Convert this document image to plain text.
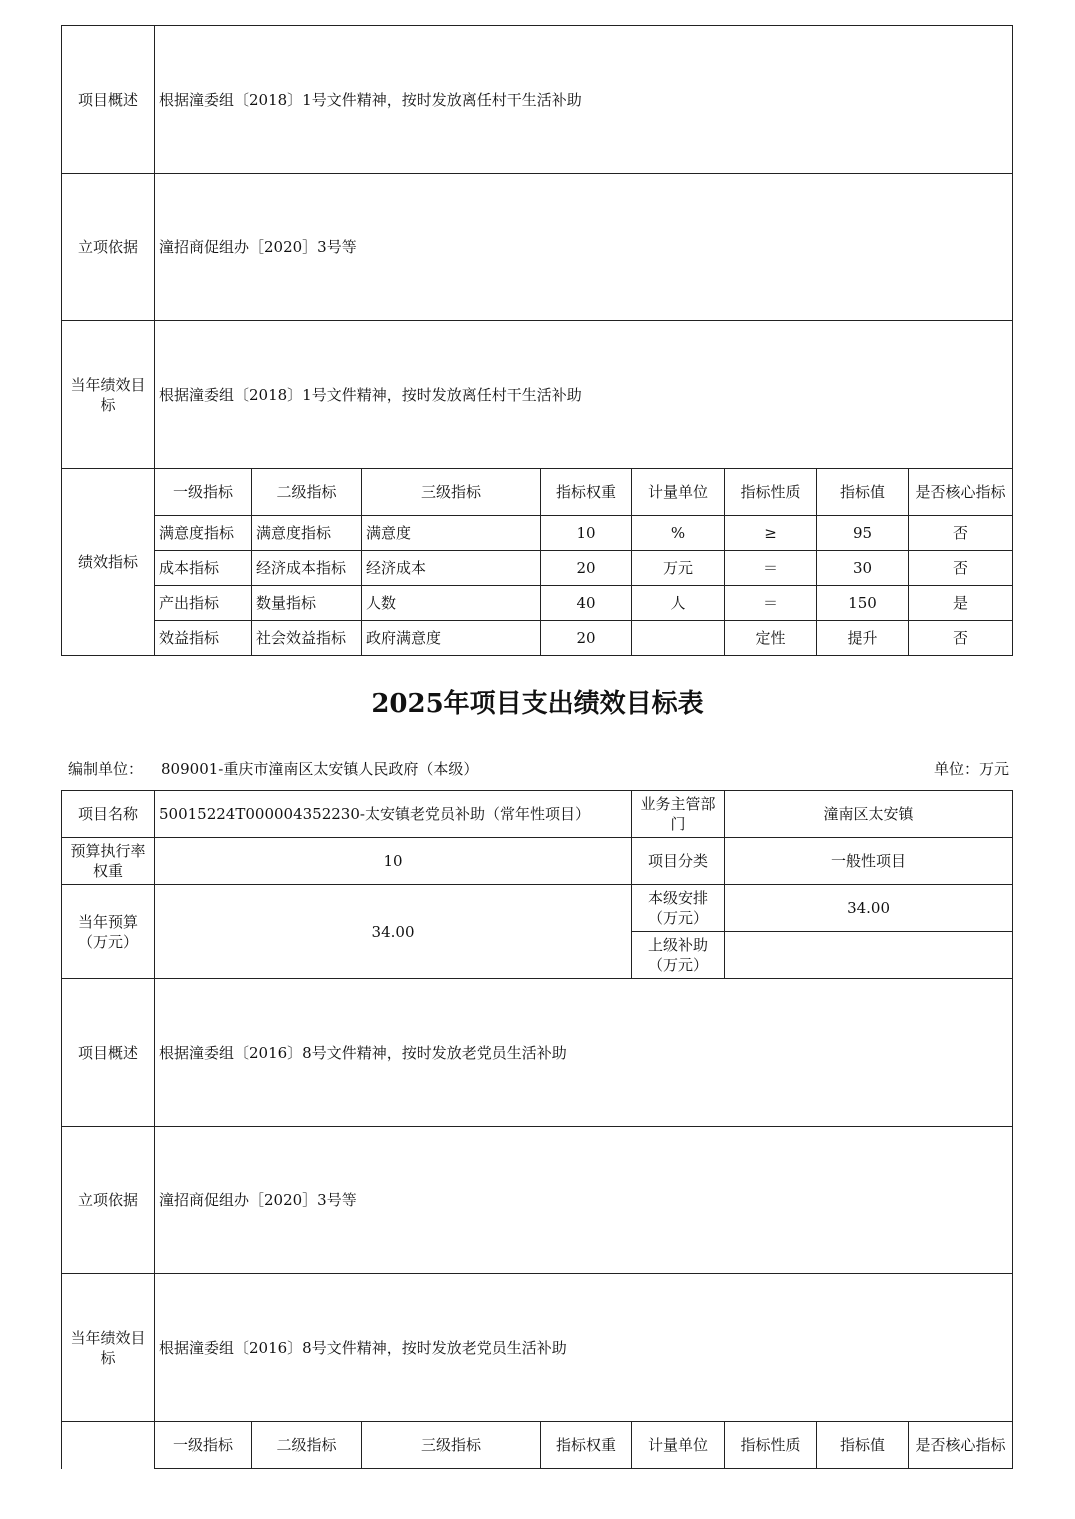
项目概述	根据潼委组〔2018〕1号文件精神，按时发放离任村干生活补助							
立项依据	潼招商促组办［2020］3号等							
当年绩效目标	根据潼委组〔2018〕1号文件精神，按时发放离任村干生活补助							
绩效指标	一级指标	二级指标	三级指标	指标权重	计量单位	指标性质	指标值	是否核心指标
	满意度指标	满意度指标	满意度	10	%	≥	95	否
	成本指标	经济成本指标	经济成本	20	万元	＝	30	否
	产出指标	数量指标	人数	40	人	＝	150	是
	效益指标	社会效益指标	政府满意度	20		定性	提升	否
2025年项目支出绩效目标表
编制单位： 809001-重庆市潼南区太安镇人民政府（本级）	单位：万元
项目名称	50015224T000004352230-太安镇老党员补助（常年性项目）				业务主管部门	潼南区太安镇		
预算执行率权重	10				项目分类	一般性项目		
当年预算（万元）	34.00				本级安排（万元）	34.00		
					上级补助（万元）			
项目概述	根据潼委组〔2016〕8号文件精神，按时发放老党员生活补助							
立项依据	潼招商促组办［2020］3号等							
当年绩效目标	根据潼委组〔2016〕8号文件精神，按时发放老党员生活补助							
	一级指标	二级指标	三级指标	指标权重	计量单位	指标性质	指标值	是否核心指标
